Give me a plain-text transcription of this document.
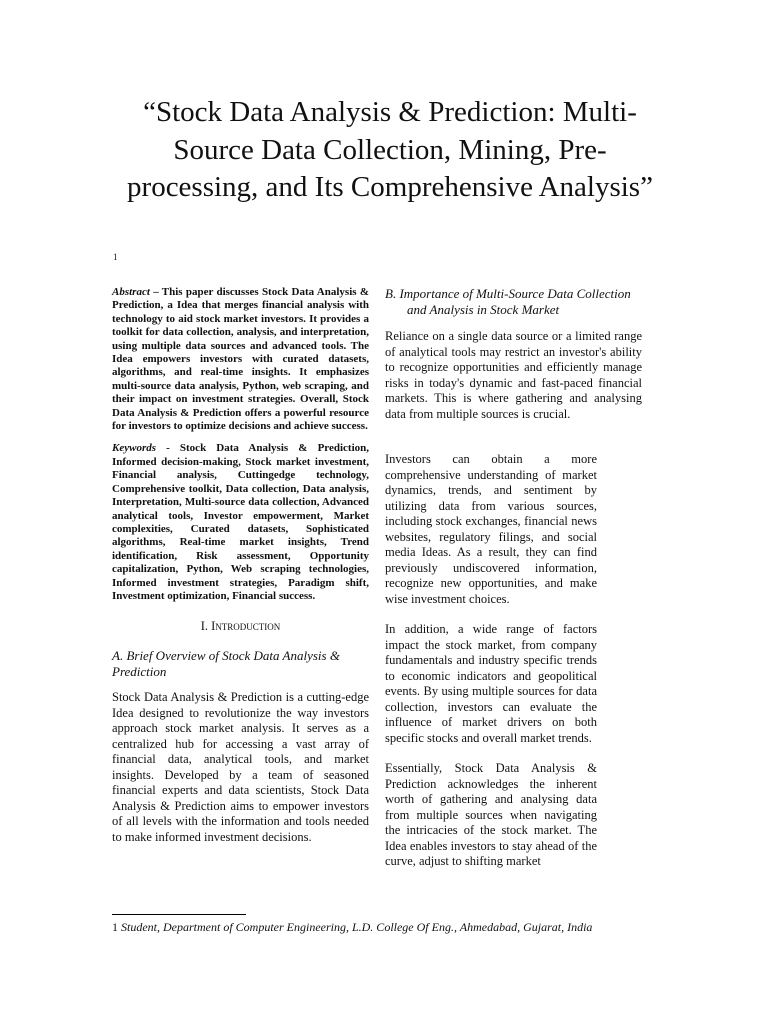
“Stock Data Analysis & Prediction: Multi-Source Data Collection, Mining, Pre-processing, and Its Comprehensive Analysis”
1

Abstract – This paper discusses Stock Data Analysis & Prediction, a Idea that merges financial analysis with technology to aid stock market investors. It provides a toolkit for data collection, analysis, and interpretation, using multiple data sources and advanced tools. The Idea empowers investors with curated datasets, algorithms, and real-time insights. It emphasizes multi-source data analysis, Python, web scraping, and their impact on investment strategies. Overall, Stock Data Analysis & Prediction offers a powerful resource for investors to optimize decisions and achieve success.

Keywords - Stock Data Analysis & Prediction, Informed decision-making, Stock market investment, Financial analysis, Cuttingedge technology, Comprehensive toolkit, Data collection, Data analysis, Interpretation, Multi-source data collection, Advanced analytical tools, Investor empowerment, Market complexities, Curated datasets, Sophisticated algorithms, Real-time market insights, Trend identification, Risk assessment, Opportunity capitalization, Python, Web scraping technologies, Informed investment strategies, Paradigm shift, Investment optimization, Financial success.

I. Introduction
A. Brief Overview of Stock Data Analysis & Prediction

Stock Data Analysis & Prediction is a cutting-edge Idea designed to revolutionize the way investors approach stock market analysis. It serves as a centralized hub for accessing a vast array of financial data, analytical tools, and market insights. Developed by a team of seasoned financial experts and data scientists, Stock Data Analysis & Prediction aims to empower investors of all levels with the information and tools needed to make informed investment decisions.

B. Importance of Multi-Source Data Collection and Analysis in Stock Market

Reliance on a single data source or a limited range of analytical tools may restrict an investor's ability to recognize opportunities and efficiently manage risks in today's dynamic and fast-paced financial markets. This is where gathering and analysing data from multiple sources is crucial.

Investors can obtain a more comprehensive understanding of market dynamics, trends, and sentiment by utilizing data from various sources, including stock exchanges, financial news websites, regulatory filings, and social media Ideas. As a result, they can find previously undiscovered information, recognize new opportunities, and make wise investment choices.

In addition, a wide range of factors impact the stock market, from company fundamentals and industry specific trends to economic indicators and geopolitical events. By using multiple sources for data collection, investors can evaluate the influence of market drivers on both specific stocks and overall market trends.

Essentially, Stock Data Analysis & Prediction acknowledges the inherent worth of gathering and analysing data from multiple sources when navigating the intricacies of the stock market. The Idea enables investors to stay ahead of the curve, adjust to shifting market

1 Student, Department of Computer Engineering, L.D. College Of Eng., Ahmedabad, Gujarat, India
